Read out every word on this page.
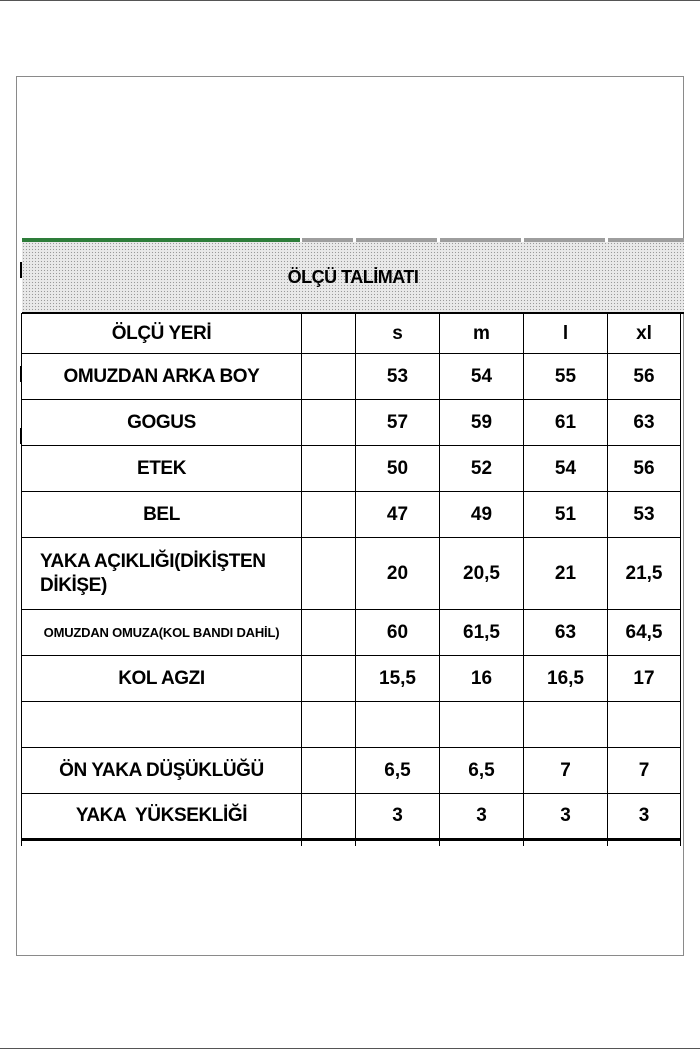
ÖLÇÜ TALİMATI
ÖLÇÜ YERİ		s	m	l	xl
OMUZDAN ARKA BOY		53	54	55	56
GOGUS		57	59	61	63
ETEK		50	52	54	56
BEL		47	49	51	53
YAKA AÇIKLIĞI(DİKİŞTEN DİKİŞE)		20	20,5	21	21,5
OMUZDAN OMUZA(KOL BANDI DAHİL)		60	61,5	63	64,5
KOL AGZI		15,5	16	16,5	17

ÖN YAKA DÜŞÜKLÜĞÜ		6,5	6,5	7	7
YAKA  YÜKSEKLİĞİ		3	3	3	3
